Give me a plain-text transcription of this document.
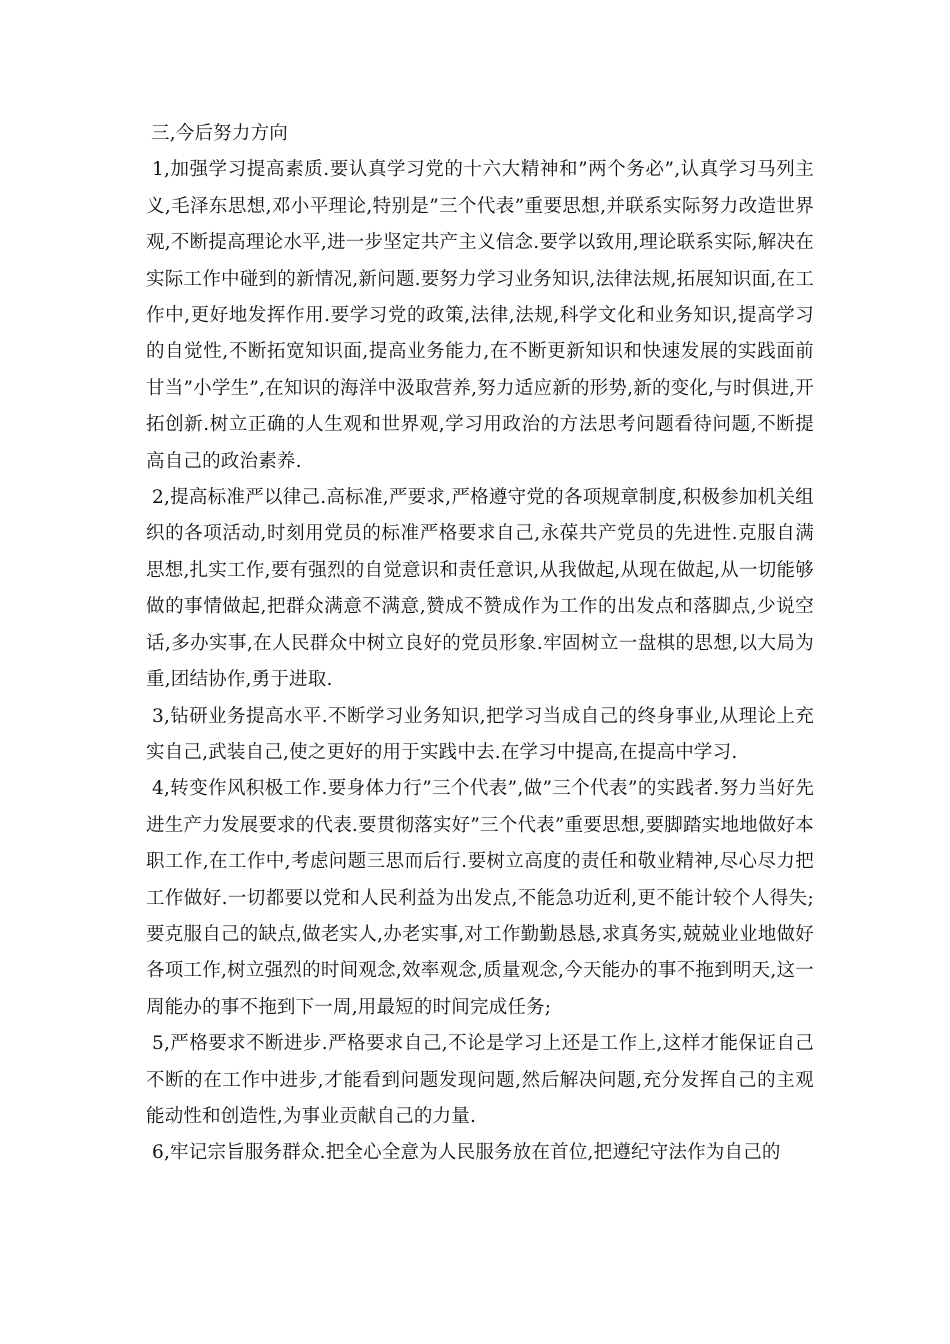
三,今后努力方向

1,加强学习提高素质.要认真学习党的十六大精神和”两个务必”,认真学习马列主义,毛泽东思想,邓小平理论,特别是”三个代表”重要思想,并联系实际努力改造世界观,不断提高理论水平,进一步坚定共产主义信念.要学以致用,理论联系实际,解决在实际工作中碰到的新情况,新问题.要努力学习业务知识,法律法规,拓展知识面,在工作中,更好地发挥作用.要学习党的政策,法律,法规,科学文化和业务知识,提高学习的自觉性,不断拓宽知识面,提高业务能力,在不断更新知识和快速发展的实践面前甘当”小学生”,在知识的海洋中汲取营养,努力适应新的形势,新的变化,与时俱进,开拓创新.树立正确的人生观和世界观,学习用政治的方法思考问题看待问题,不断提高自己的政治素养.

2,提高标准严以律己.高标准,严要求,严格遵守党的各项规章制度,积极参加机关组织的各项活动,时刻用党员的标准严格要求自己,永葆共产党员的先进性.克服自满思想,扎实工作,要有强烈的自觉意识和责任意识,从我做起,从现在做起,从一切能够做的事情做起,把群众满意不满意,赞成不赞成作为工作的出发点和落脚点,少说空话,多办实事,在人民群众中树立良好的党员形象.牢固树立一盘棋的思想,以大局为重,团结协作,勇于进取.

3,钻研业务提高水平.不断学习业务知识,把学习当成自己的终身事业,从理论上充实自己,武装自己,使之更好的用于实践中去.在学习中提高,在提高中学习.

4,转变作风积极工作.要身体力行”三个代表”,做”三个代表”的实践者.努力当好先进生产力发展要求的代表.要贯彻落实好”三个代表”重要思想,要脚踏实地地做好本职工作,在工作中,考虑问题三思而后行.要树立高度的责任和敬业精神,尽心尽力把工作做好.一切都要以党和人民利益为出发点,不能急功近利,更不能计较个人得失;要克服自己的缺点,做老实人,办老实事,对工作勤勤恳恳,求真务实,兢兢业业地做好各项工作,树立强烈的时间观念,效率观念,质量观念,今天能办的事不拖到明天,这一周能办的事不拖到下一周,用最短的时间完成任务;

5,严格要求不断进步.严格要求自己,不论是学习上还是工作上,这样才能保证自己不断的在工作中进步,才能看到问题发现问题,然后解决问题,充分发挥自己的主观能动性和创造性,为事业贡献自己的力量.

6,牢记宗旨服务群众.把全心全意为人民服务放在首位,把遵纪守法作为自己的
